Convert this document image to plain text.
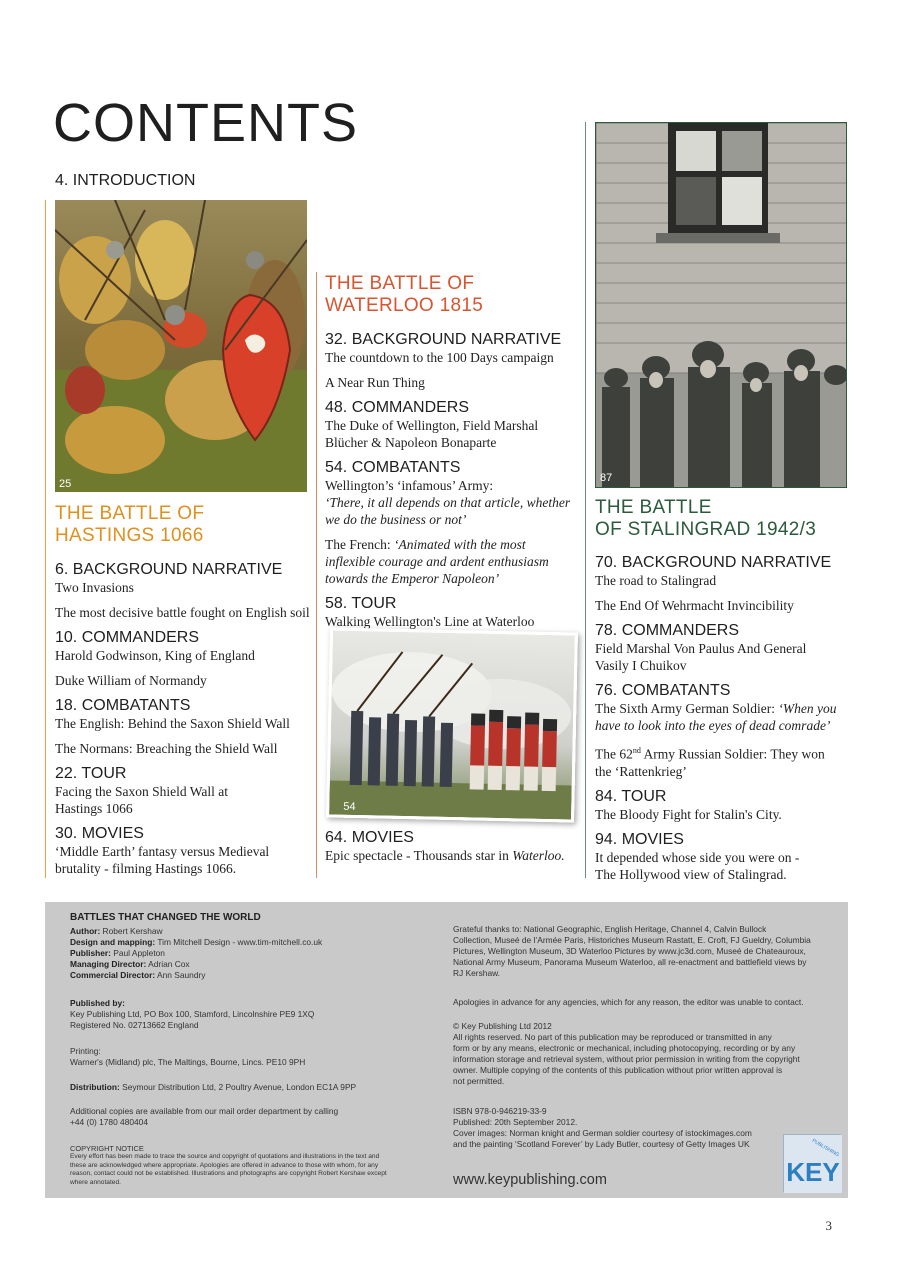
CONTENTS
4. INTRODUCTION
25
THE BATTLE OF
HASTINGS 1066
6. BACKGROUND NARRATIVE
Two Invasions
The most decisive battle fought on English soil
10. COMMANDERS
Harold Godwinson, King of England
Duke William of Normandy
18. COMBATANTS
The English: Behind the Saxon Shield Wall
The Normans: Breaching the Shield Wall
22. TOUR
Facing the Saxon Shield Wall at
Hastings 1066
30. MOVIES
‘Middle Earth’ fantasy versus Medieval
brutality - filming Hastings 1066.
THE BATTLE OF
WATERLOO 1815
32. BACKGROUND NARRATIVE
The countdown to the 100 Days campaign
A Near Run Thing
48. COMMANDERS
The Duke of Wellington, Field Marshal
Blücher & Napoleon Bonaparte
54. COMBATANTS
Wellington’s ‘infamous’ Army:
‘There, it all depends on that article, whether
we do the business or not’
The French: ‘Animated with the most
inflexible courage and ardent enthusiasm
towards the Emperor Napoleon’
58. TOUR
Walking Wellington's Line at Waterloo
54
64. MOVIES
Epic spectacle - Thousands star in Waterloo.
87
THE BATTLE
OF STALINGRAD 1942/3
70. BACKGROUND NARRATIVE
The road to Stalingrad
The End Of Wehrmacht Invincibility
78. COMMANDERS
Field Marshal Von Paulus And General
Vasily I Chuikov
76. COMBATANTS
The Sixth Army German Soldier: ‘When you
have to look into the eyes of dead comrade’
The 62nd Army Russian Soldier: They won
the ‘Rattenkrieg’
84. TOUR
The Bloody Fight for Stalin's City.
94. MOVIES
It depended whose side you were on -
The Hollywood view of Stalingrad.
BATTLES THAT CHANGED THE WORLD
Author: Robert Kershaw
Design and mapping: Tim Mitchell Design - www.tim-mitchell.co.uk
Publisher: Paul Appleton
Managing Director: Adrian Cox
Commercial Director: Ann Saundry
Published by:
Key Publishing Ltd, PO Box 100, Stamford, Lincolnshire PE9 1XQ
Registered No. 02713662 England
Printing:
Warner's (Midland) plc, The Maltings, Bourne, Lincs. PE10 9PH
Distribution: Seymour Distribution Ltd, 2 Poultry Avenue, London EC1A 9PP
Additional copies are available from our mail order department by calling
+44 (0) 1780 480404
COPYRIGHT NOTICE
Every effort has been made to trace the source and copyright of quotations and illustrations in the text and
these are acknowledged where appropriate. Apologies are offered in advance to those with whom, for any
reason, contact could not be established. Illustrations and photographs are copyright Robert Kershaw except
where annotated.
Grateful thanks to: National Geographic, English Heritage, Channel 4, Calvin Bullock
Collection, Museé de l’Armée Paris, Historiches Museum Rastatt, E. Croft, FJ Gueldry, Columbia
Pictures, Wellington Museum, 3D Waterloo Pictures by www.jc3d.com, Museé de Chateauroux,
National Army Museum, Panorama Museum Waterloo, all re-enactment and battlefield views by
RJ Kershaw.
Apologies in advance for any agencies, which for any reason, the editor was unable to contact.
© Key Publishing Ltd 2012
All rights reserved. No part of this publication may be reproduced or transmitted in any
form or by any means, electronic or mechanical, including photocopying, recording or by any
information storage and retrieval system, without prior permission in writing from the copyright
owner. Multiple copying of the contents of this publication without prior written approval is
not permitted.
ISBN 978-0-946219-33-9
Published: 20th September 2012.
Cover images: Norman knight and German soldier courtesy of istockimages.com
and the painting ‘Scotland Forever’ by Lady Butler, courtesy of Getty Images UK
www.keypublishing.com	KEY
PUBLISHING
3
